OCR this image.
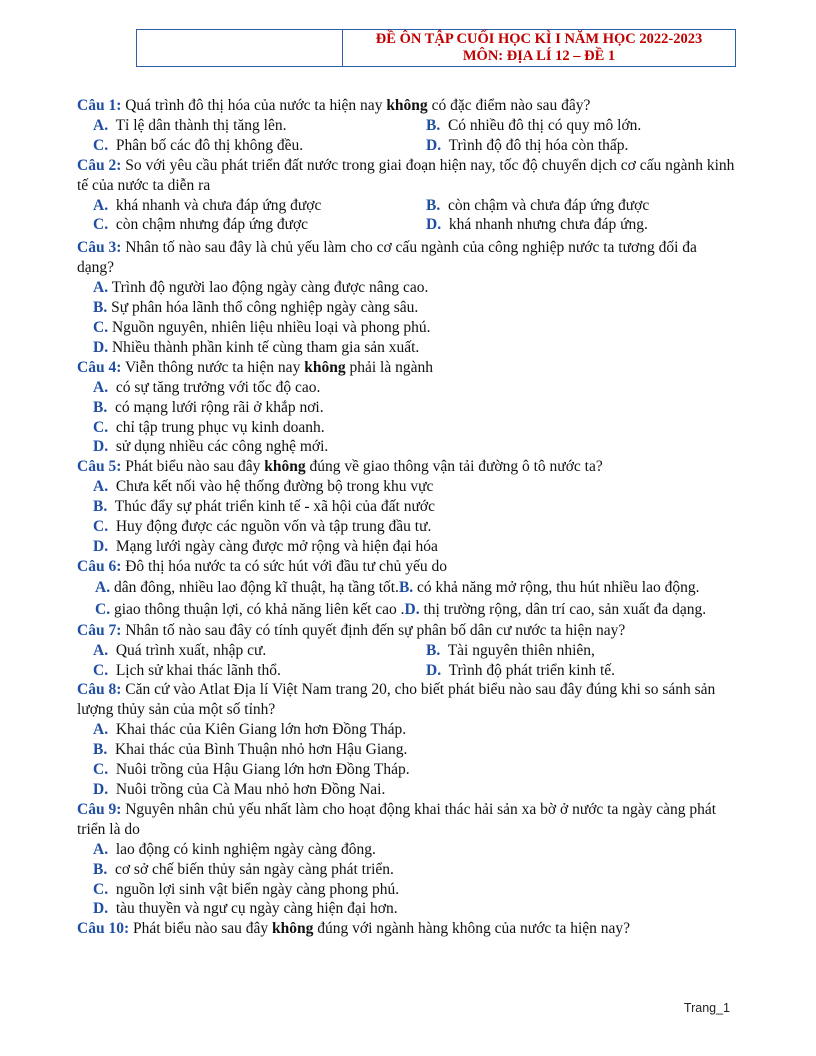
ĐỀ ÔN TẬP CUỐI HỌC KÌ I NĂM HỌC 2022-2023
MÔN: ĐỊA LÍ 12 – ĐỀ 1

Câu 1: Quá trình đô thị hóa của nước ta hiện nay không có đặc điểm nào sau đây?

A. Tỉ lệ dân thành thị tăng lên.	B. Có nhiều đô thị có quy mô lớn.
C. Phân bố các đô thị không đều.	D. Trình độ đô thị hóa còn thấp.

Câu 2: So với yêu cầu phát triển đất nước trong giai đoạn hiện nay, tốc độ chuyển dịch cơ cấu ngành kinh tế của nước ta diễn ra

A. khá nhanh và chưa đáp ứng được	B. còn chậm và chưa đáp ứng được
C. còn chậm nhưng đáp ứng được	D. khá nhanh nhưng chưa đáp ứng.

Câu 3: Nhân tố nào sau đây là chủ yếu làm cho cơ cấu ngành của công nghiệp nước ta tương đối đa dạng?

A. Trình độ người lao động ngày càng được nâng cao.
B. Sự phân hóa lãnh thổ công nghiệp ngày càng sâu.
C. Nguồn nguyên, nhiên liệu nhiều loại và phong phú.
D. Nhiều thành phần kinh tế cùng tham gia sản xuất.

Câu 4: Viễn thông nước ta hiện nay không phải là ngành

A. có sự tăng trưởng với tốc độ cao.
B. có mạng lưới rộng rãi ở khắp nơi.
C. chỉ tập trung phục vụ kinh doanh.
D. sử dụng nhiều các công nghệ mới.

Câu 5: Phát biểu nào sau đây không đúng về giao thông vận tải đường ô tô nước ta?

A. Chưa kết nối vào hệ thống đường bộ trong khu vực
B. Thúc đẩy sự phát triển kinh tế - xã hội của đất nước
C. Huy động được các nguồn vốn và tập trung đầu tư.
D. Mạng lưới ngày càng được mở rộng và hiện đại hóa

Câu 6: Đô thị hóa nước ta có sức hút với đầu tư chủ yếu do

A. dân đông, nhiều lao động kĩ thuật, hạ tầng tốt.B. có khả năng mở rộng, thu hút nhiều lao động.

C. giao thông thuận lợi, có khả năng liên kết cao .D. thị trường rộng, dân trí cao, sản xuất đa dạng.

Câu 7: Nhân tố nào sau đây có tính quyết định đến sự phân bố dân cư nước ta hiện nay?

A. Quá trình xuất, nhập cư.	B. Tài nguyên thiên nhiên,
C. Lịch sử khai thác lãnh thổ.	D. Trình độ phát triển kinh tế.

Câu 8: Căn cứ vào Atlat Địa lí Việt Nam trang 20, cho biết phát biểu nào sau đây đúng khi so sánh sản lượng thủy sản của một số tỉnh?

A. Khai thác của Kiên Giang lớn hơn Đồng Tháp.
B. Khai thác của Bình Thuận nhỏ hơn Hậu Giang.
C. Nuôi trồng của Hậu Giang lớn hơn Đồng Tháp.
D. Nuôi trồng của Cà Mau nhỏ hơn Đồng Nai.

Câu 9: Nguyên nhân chủ yếu nhất làm cho hoạt động khai thác hải sản xa bờ ở nước ta ngày càng phát triển là do

A. lao động có kinh nghiệm ngày càng đông.
B. cơ sở chế biến thủy sản ngày càng phát triển.
C. nguồn lợi sinh vật biển ngày càng phong phú.
D. tàu thuyền và ngư cụ ngày càng hiện đại hơn.

Câu 10: Phát biểu nào sau đây không đúng với ngành hàng không của nước ta hiện nay?

Trang_1
